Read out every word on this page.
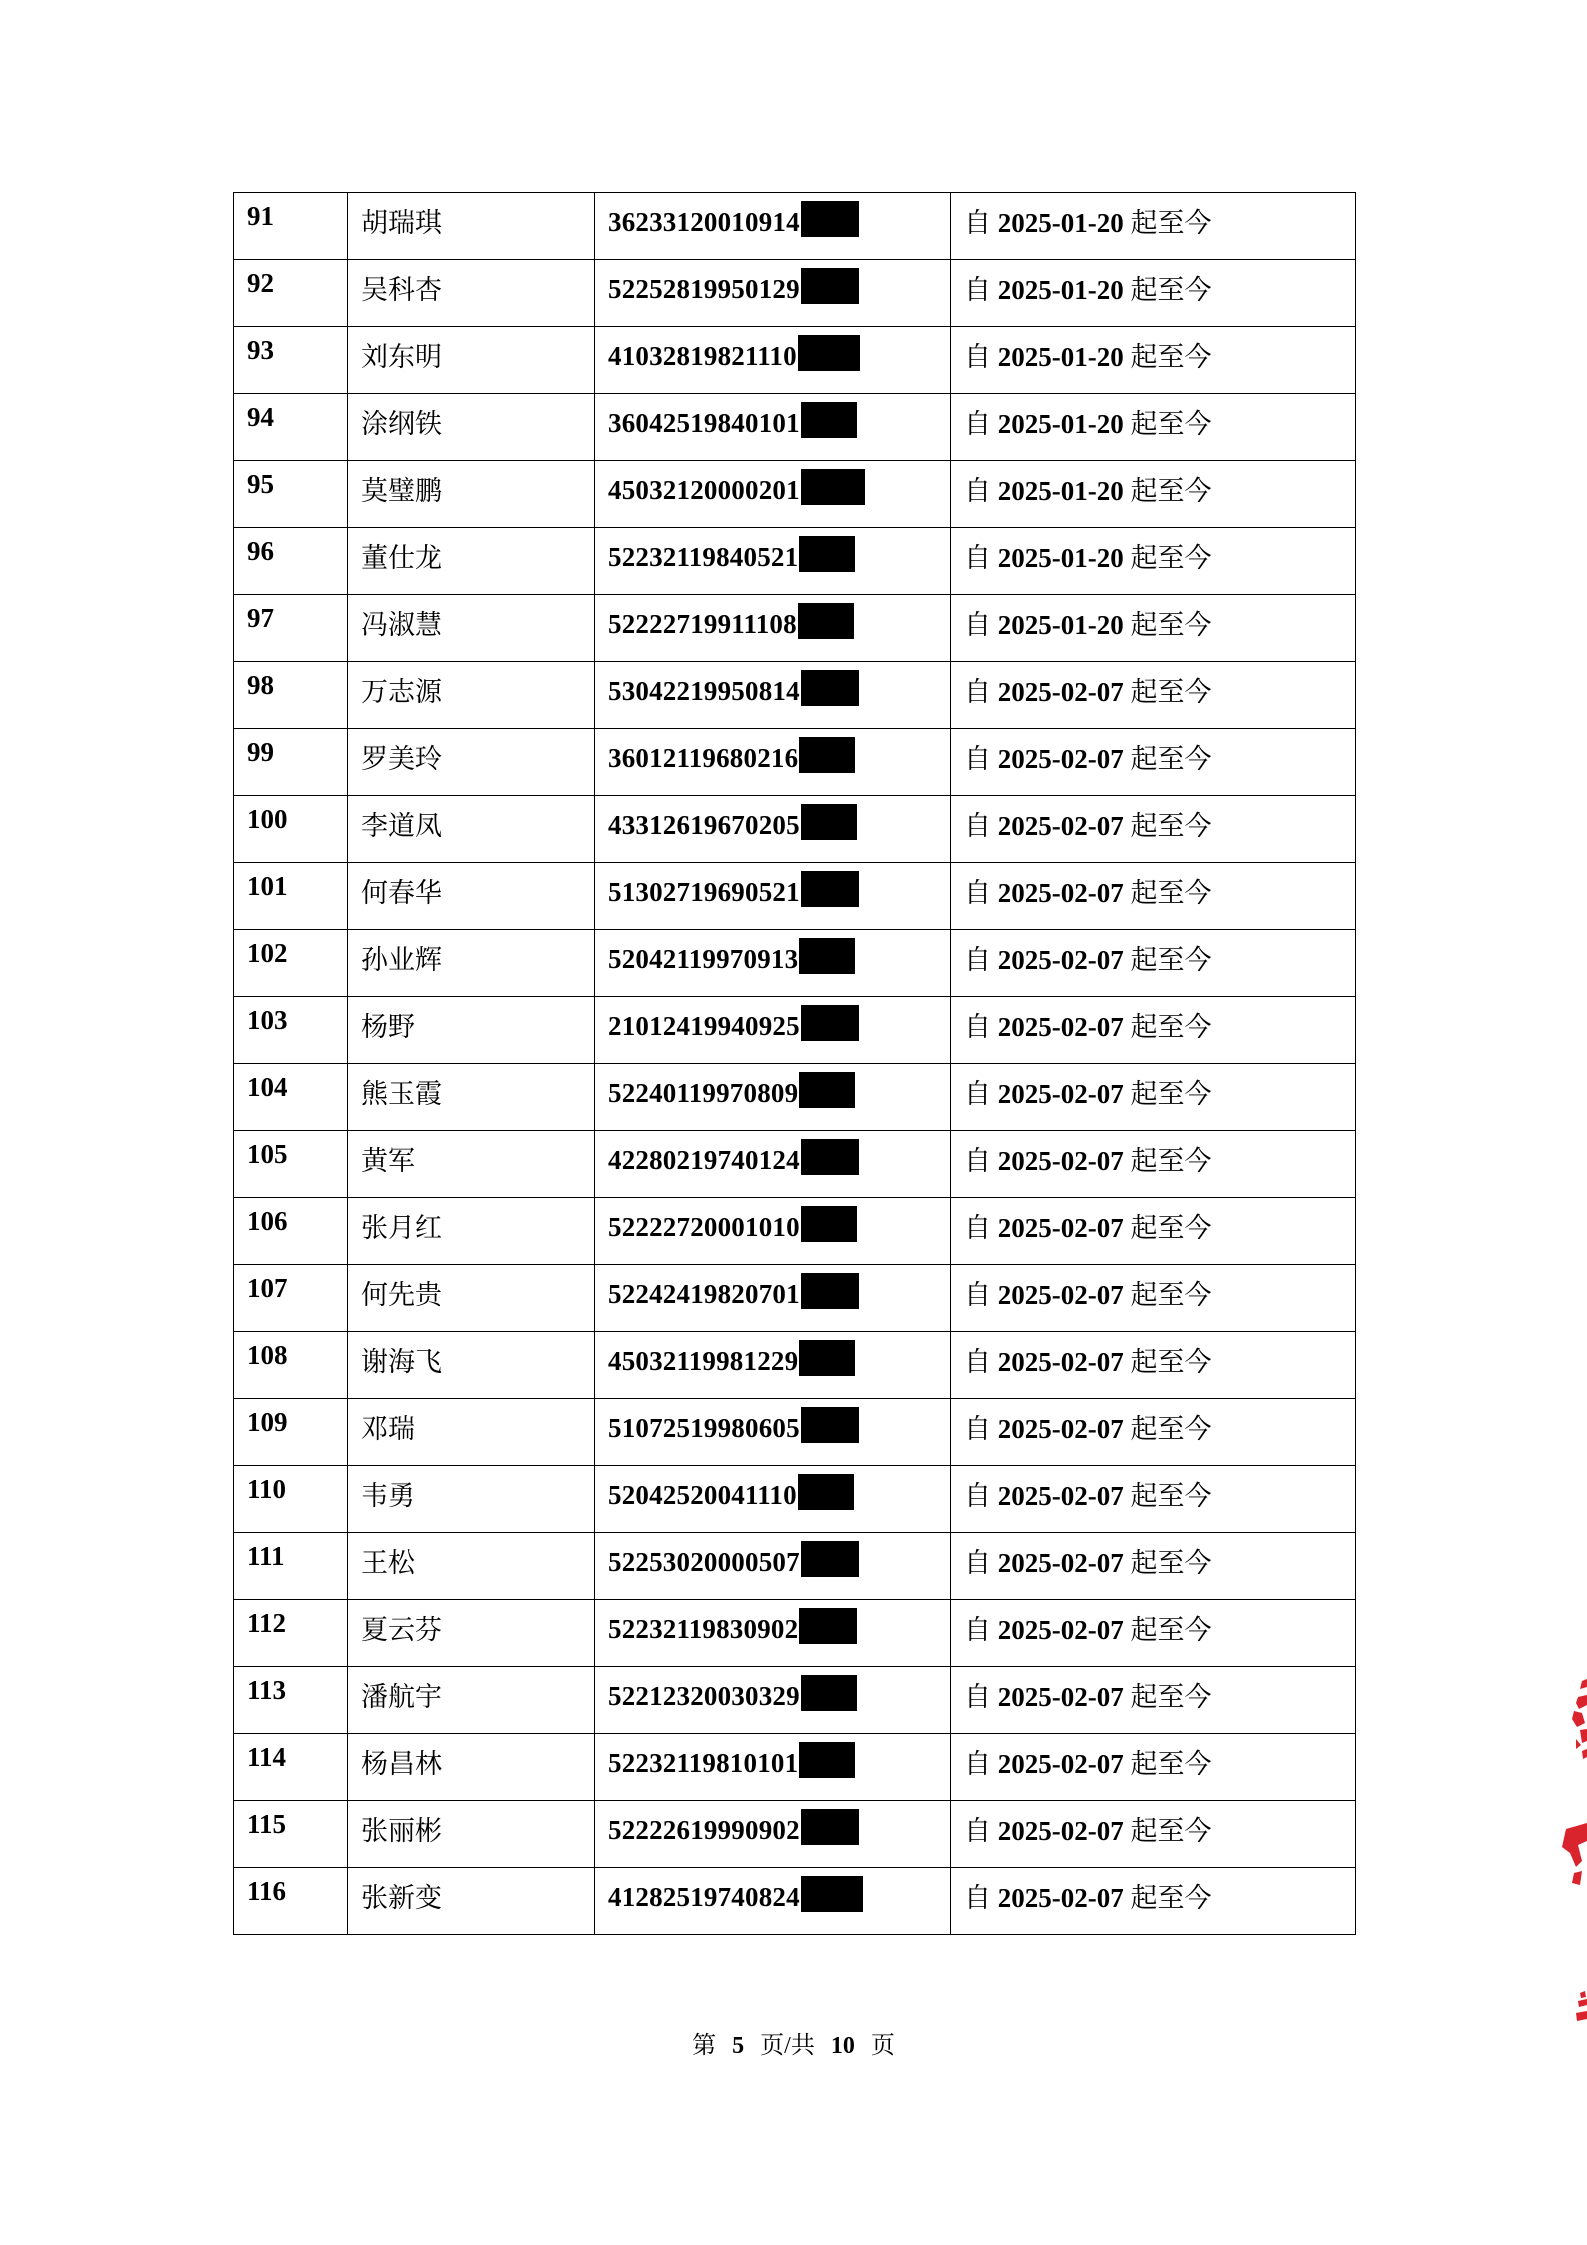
91	胡瑞琪	36233120010914	自 2025-01-20 起至今
92	吴科杏	52252819950129	自 2025-01-20 起至今
93	刘东明	41032819821110	自 2025-01-20 起至今
94	涂纲铁	36042519840101	自 2025-01-20 起至今
95	莫璧鹏	45032120000201	自 2025-01-20 起至今
96	董仕龙	52232119840521	自 2025-01-20 起至今
97	冯淑慧	52222719911108	自 2025-01-20 起至今
98	万志源	53042219950814	自 2025-02-07 起至今
99	罗美玲	36012119680216	自 2025-02-07 起至今
100	李道凤	43312619670205	自 2025-02-07 起至今
101	何春华	51302719690521	自 2025-02-07 起至今
102	孙业辉	52042119970913	自 2025-02-07 起至今
103	杨野	21012419940925	自 2025-02-07 起至今
104	熊玉霞	52240119970809	自 2025-02-07 起至今
105	黄军	42280219740124	自 2025-02-07 起至今
106	张月红	52222720001010	自 2025-02-07 起至今
107	何先贵	52242419820701	自 2025-02-07 起至今
108	谢海飞	45032119981229	自 2025-02-07 起至今
109	邓瑞	51072519980605	自 2025-02-07 起至今
110	韦勇	52042520041110	自 2025-02-07 起至今
111	王松	52253020000507	自 2025-02-07 起至今
112	夏云芬	52232119830902	自 2025-02-07 起至今
113	潘航宇	52212320030329	自 2025-02-07 起至今
114	杨昌林	52232119810101	自 2025-02-07 起至今
115	张丽彬	52222619990902	自 2025-02-07 起至今
116	张新变	41282519740824	自 2025-02-07 起至今
第 5 页/共 10 页
